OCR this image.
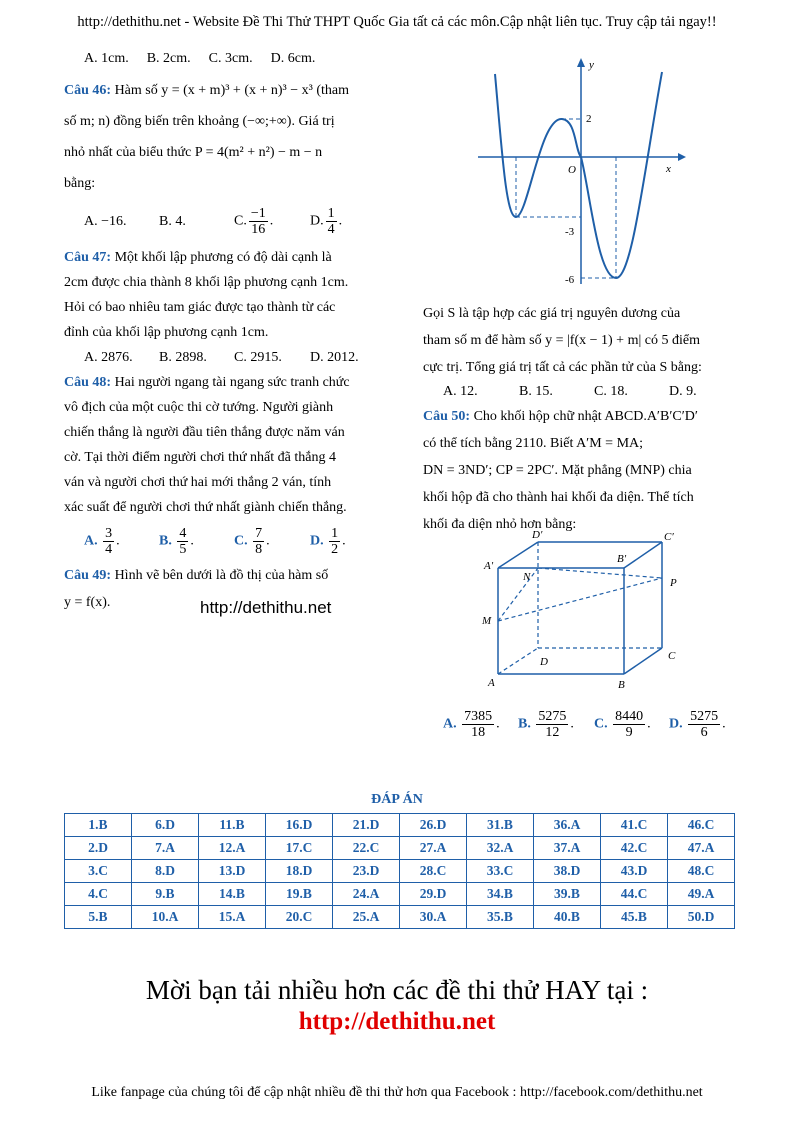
http://dethithu.net - Website Đề Thi Thử THPT Quốc Gia tất cả các môn.Cập nhật liên tục. Truy cập tải ngay!!
A. 1cm. B. 2cm. C. 3cm. D. 6cm.
Câu 46: Hàm số y = (x + m)³ + (x + n)³ − x³ (tham
số m; n) đồng biến trên khoảng (−∞;+∞). Giá trị
nhỏ nhất của biểu thức P = 4(m² + n²) − m − n
bằng:
A. −16.	B. 4.	C. $\frac{-1}{16}$ .	D. $\frac{1}{4}$ .
Câu 47: Một khối lập phương có độ dài cạnh là
2cm được chia thành 8 khối lập phương cạnh 1cm.
Hỏi có bao nhiêu tam giác được tạo thành từ các
đỉnh của khối lập phương cạnh 1cm.
A. 2876.	B. 2898.	C. 2915.	D. 2012.
Câu 48: Hai người ngang tài ngang sức tranh chức
vô địch của một cuộc thi cờ tướng. Người giành
chiến thắng là người đầu tiên thắng được năm ván
cờ. Tại thời điểm người chơi thứ nhất đã thắng 4
ván và người chơi thứ hai mới thắng 2 ván, tính
xác suất để người chơi thứ nhất giành chiến thắng.
A. $\frac{3}{4}$ .	B. $\frac{4}{5}$ .	C. $\frac{7}{8}$ .	D. $\frac{1}{2}$ .
Câu 49: Hình vẽ bên dưới là đồ thị của hàm số
y = f(x).	http://dethithu.net
y
x
O
2
-3
-6
Gọi S là tập hợp các giá trị nguyên dương của
tham số m để hàm số y = |f(x − 1) + m| có 5 điểm
cực trị. Tổng giá trị tất cả các phần tử của S bằng:
A. 12.	B. 15.	C. 18.	D. 9.
Câu 50: Cho khối hộp chữ nhật ABCD.A′B′C′D′
có thể tích bằng 2110. Biết A′M = MA;
DN = 3ND′; CP = 2PC′. Mặt phẳng (MNP) chia
khối hộp đã cho thành hai khối đa diện. Thể tích
khối đa diện nhỏ hơn bằng:
D′	C′
B′
A′
N	P
M
D	C
A	B
A. $\frac{7385}{18}$ .	B. $\frac{5275}{12}$ .	C. $\frac{8440}{9}$ .	D. $\frac{5275}{6}$ .
ĐÁP ÁN
1.B	6.D	11.B	16.D	21.D	26.D	31.B	36.A	41.C	46.C
2.D	7.A	12.A	17.C	22.C	27.A	32.A	37.A	42.C	47.A
3.C	8.D	13.D	18.D	23.D	28.C	33.C	38.D	43.D	48.C
4.C	9.B	14.B	19.B	24.A	29.D	34.B	39.B	44.C	49.A
5.B	10.A	15.A	20.C	25.A	30.A	35.B	40.B	45.B	50.D
Mời bạn tải nhiều hơn các đề thi thử HAY tại :
http://dethithu.net
Like fanpage của chúng tôi để cập nhật nhiều đề thi thử hơn qua Facebook : http://facebook.com/dethithu.net
